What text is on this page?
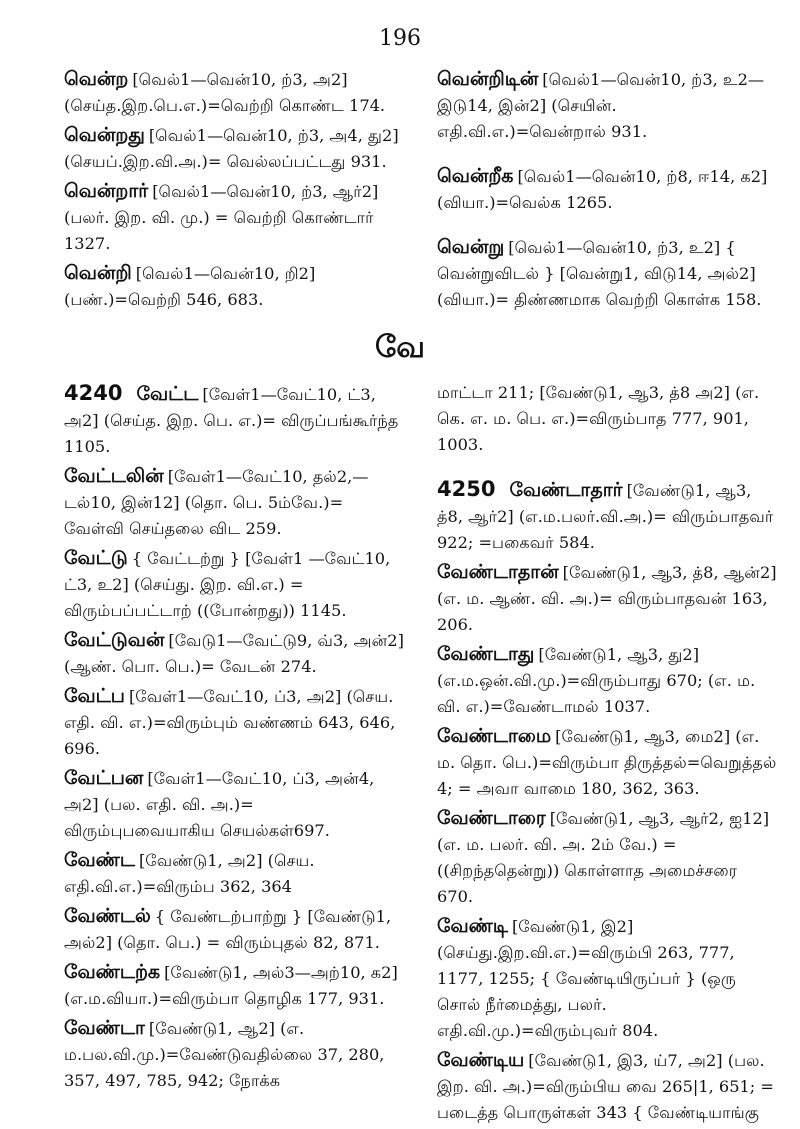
196
வென்ற [வெல்1—வென்10, ற்3, அ2] (செய்த.இற.பெ.எ.)=வெற்றி கொண்ட 174.
வென்றது [வெல்1—வென்10, ற்3, அ4, து2] (செயப்.இற.வி.அ.)= வெல்லப்பட்டது 931.
வென்றார் [வெல்1—வென்10, ற்3, ஆர்2] (பலர். இற. வி. மு.) = வெற்றி கொண்டார் 1327.
வென்றி [வெல்1—வென்10, றி2] (பண்.)=வெற்றி 546, 683.
வென்றிடின் [வெல்1—வென்10, ற்3, உ2—இடு14, இன்2] (செயின். எதி.வி.எ.)=வென்றால் 931.
வென்றீக [வெல்1—வென்10, ற்8, ஈ14, க2] (வியா.)=வெல்க 1265.
வென்று [வெல்1—வென்10, ற்3, உ2] { வென்றுவிடல் } [வென்று1, விடு14, அல்2] (வியா.)= திண்ணமாக வெற்றி கொள்க 158.
வே
4240 வேட்ட [வேள்1—வேட்10, ட்3, அ2] (செய்த. இற. பெ. எ.)= விருப்பங்கூர்ந்த 1105.
வேட்டலின் [வேள்1—வேட்10, தல்2,—டல்10, இன்12] (தொ. பெ. 5ம்வே.)= வேள்வி செய்தலை விட 259.
வேட்டு { வேட்டற்று } [வேள்1 —வேட்10, ட்3, உ2] (செய்து. இற. வி.எ.) = விரும்பப்பட்டாற் ((போன்றது)) 1145.
வேட்டுவன் [வேடு1—வேட்டு9, வ்3, அன்2] (ஆண். பொ. பெ.)= வேடன் 274.
வேட்ப [வேள்1—வேட்10, ப்3, அ2] (செய. எதி. வி. எ.)=விரும்பும் வண்ணம் 643, 646, 696.
வேட்பன [வேள்1—வேட்10, ப்3, அன்4, அ2] (பல. எதி. வி. அ.)= விரும்புபவையாகிய செயல்கள்697.
வேண்ட [வேண்டு1, அ2] (செய. எதி.வி.எ.)=விரும்ப 362, 364
வேண்டல் { வேண்டற்பாற்று } [வேண்டு1, அல்2] (தொ. பெ.) = விரும்புதல் 82, 871.
வேண்டற்க [வேண்டு1, அல்3—அற்10, க2] (எ.ம.வியா.)=விரும்பா தொழிக 177, 931.
வேண்டா [வேண்டு1, ஆ2] (எ. ம.பல.வி.மு.)=வேண்டுவதில்லை 37, 280, 357, 497, 785, 942; நோக்க
மாட்டா 211; [வேண்டு1, ஆ3, த்8 அ2] (எ. கெ. எ. ம. பெ. எ.)=விரும்பாத 777, 901, 1003.
4250 வேண்டாதார் [வேண்டு1, ஆ3, த்8, ஆர்2] (எ.ம.பலர்.வி.அ.)= விரும்பாதவர் 922; =பகைவர் 584.
வேண்டாதான் [வேண்டு1, ஆ3, த்8, ஆன்2] (எ. ம. ஆண். வி. அ.)= விரும்பாதவன் 163, 206.
வேண்டாது [வேண்டு1, ஆ3, து2] (எ.ம.ஒன்.வி.மு.)=விரும்பாது 670; (எ. ம. வி. எ.)=வேண்டாமல் 1037.
வேண்டாமை [வேண்டு1, ஆ3, மை2] (எ. ம. தொ. பெ.)=விரும்பா திருத்தல்=வெறுத்தல் 4; = அவா வாமை 180, 362, 363.
வேண்டாரை [வேண்டு1, ஆ3, ஆர்2, ஐ12] (எ. ம. பலர். வி. அ. 2ம் வே.) = ((சிறந்ததென்று)) கொள்ளாத அமைச்சரை 670.
வேண்டி [வேண்டு1, இ2] (செய்து.இற.வி.எ.)=விரும்பி 263, 777, 1177, 1255; { வேண்டியிருப்பர் } (ஒரு சொல் நீர்மைத்து, பலர். எதி.வி.மு.)=விரும்புவர் 804.
வேண்டிய [வேண்டு1, இ3, ய்7, அ2] (பல. இற. வி. அ.)=விரும்பிய வை 265|1, 651; = படைத்த பொருள்கள் 343 { வேண்டியாங்கு
